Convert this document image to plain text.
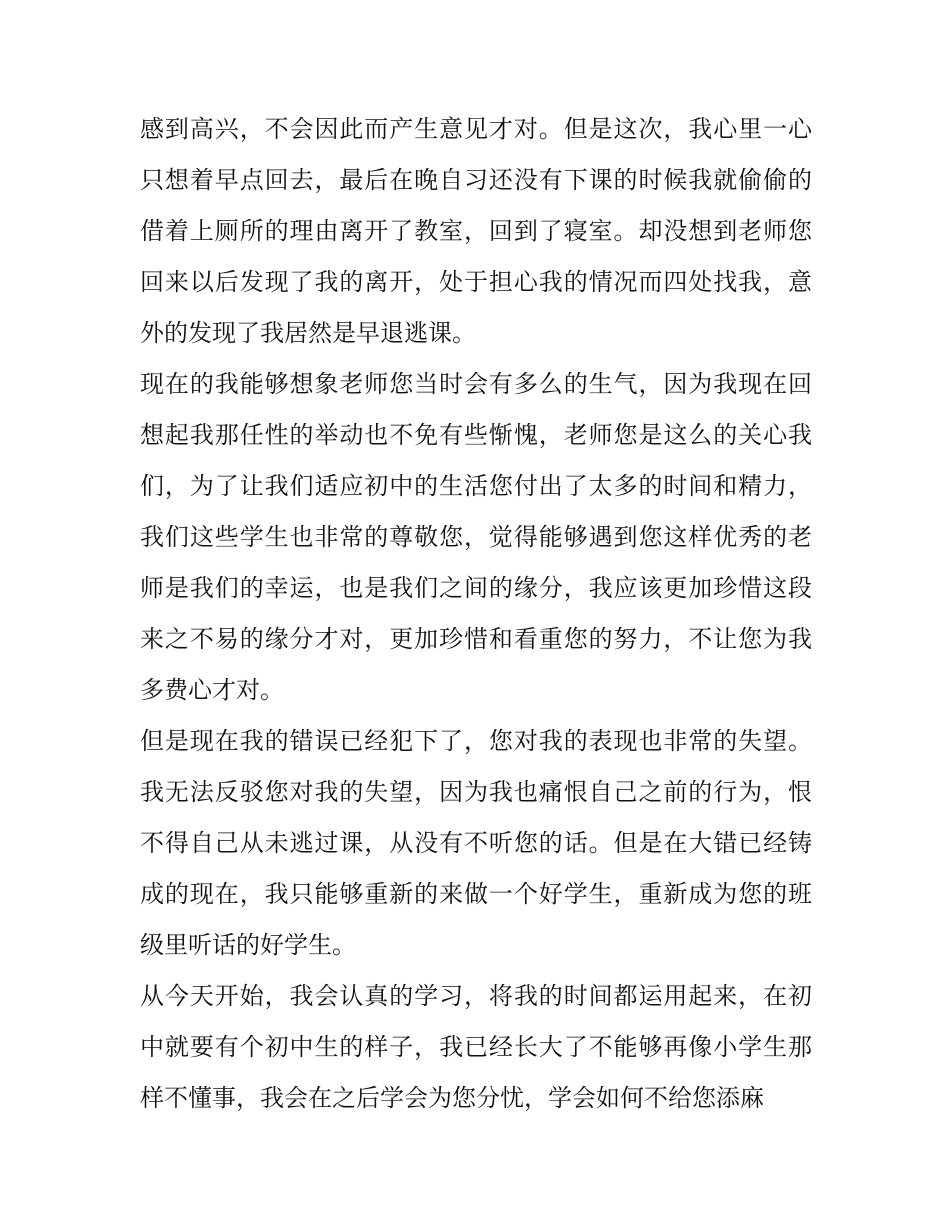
感到高兴，不会因此而产生意见才对。但是这次，我心里一心
只想着早点回去，最后在晚自习还没有下课的时候我就偷偷的
借着上厕所的理由离开了教室，回到了寝室。却没想到老师您
回来以后发现了我的离开，处于担心我的情况而四处找我，意
外的发现了我居然是早退逃课。
现在的我能够想象老师您当时会有多么的生气，因为我现在回
想起我那任性的举动也不免有些惭愧，老师您是这么的关心我
们，为了让我们适应初中的生活您付出了太多的时间和精力，
我们这些学生也非常的尊敬您，觉得能够遇到您这样优秀的老
师是我们的幸运，也是我们之间的缘分，我应该更加珍惜这段
来之不易的缘分才对，更加珍惜和看重您的努力，不让您为我
多费心才对。
但是现在我的错误已经犯下了，您对我的表现也非常的失望。
我无法反驳您对我的失望，因为我也痛恨自己之前的行为，恨
不得自己从未逃过课，从没有不听您的话。但是在大错已经铸
成的现在，我只能够重新的来做一个好学生，重新成为您的班
级里听话的好学生。
从今天开始，我会认真的学习，将我的时间都运用起来，在初
中就要有个初中生的样子，我已经长大了不能够再像小学生那
样不懂事，我会在之后学会为您分忧，学会如何不给您添麻
